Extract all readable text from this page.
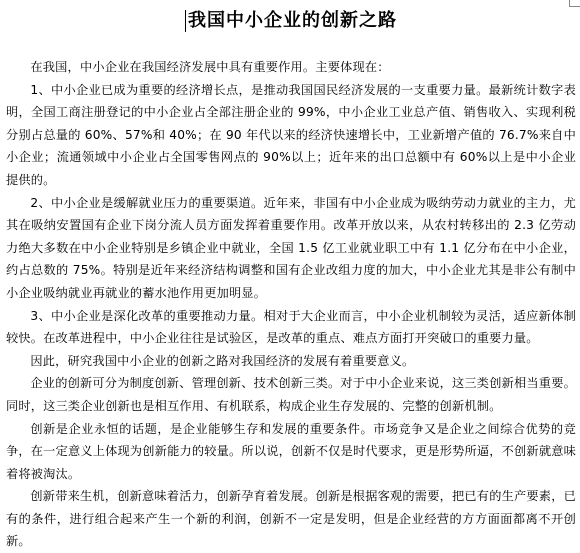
我国中小企业的创新之路

在我国，中小企业在我国经济发展中具有重要作用。主要体现在：

1、中小企业已成为重要的经济增长点，是推动我国国民经济发展的一支重要力量。最新统计数字表明，全国工商注册登记的中小企业占全部注册企业的 99%，中小企业工业总产值、销售收入、实现利税分别占总量的 60%、57%和 40%；在 90 年代以来的经济快速增长中，工业新增产值的 76.7%来自中小企业；流通领域中小企业占全国零售网点的 90%以上；近年来的出口总额中有 60%以上是中小企业提供的。

2、中小企业是缓解就业压力的重要渠道。近年来，非国有中小企业成为吸纳劳动力就业的主力，尤其在吸纳安置国有企业下岗分流人员方面发挥着重要作用。改革开放以来，从农村转移出的 2.3 亿劳动力绝大多数在中小企业特别是乡镇企业中就业，全国 1.5 亿工业就业职工中有 1.1 亿分布在中小企业，约占总数的 75%。特别是近年来经济结构调整和国有企业改组力度的加大，中小企业尤其是非公有制中小企业吸纳就业再就业的蓄水池作用更加明显。

3、中小企业是深化改革的重要推动力量。相对于大企业而言，中小企业机制较为灵活，适应新体制较快。在改革进程中，中小企业往往是试验区，是改革的重点、难点方面打开突破口的重要力量。

因此，研究我国中小企业的创新之路对我国经济的发展有着重要意义。

企业的创新可分为制度创新、管理创新、技术创新三类。对于中小企业来说，这三类创新相当重要。同时，这三类企业创新也是相互作用、有机联系，构成企业生存发展的、完整的创新机制。

创新是企业永恒的话题，是企业能够生存和发展的重要条件。市场竞争又是企业之间综合优势的竞争，在一定意义上体现为创新能力的较量。所以说，创新不仅是时代要求，更是形势所逼，不创新就意味着将被淘汰。

创新带来生机，创新意味着活力，创新孕育着发展。创新是根据客观的需要，把已有的生产要素，已有的条件，进行组合起来产生一个新的利润，创新不一定是发明，但是企业经营的方方面面都离不开创新。
